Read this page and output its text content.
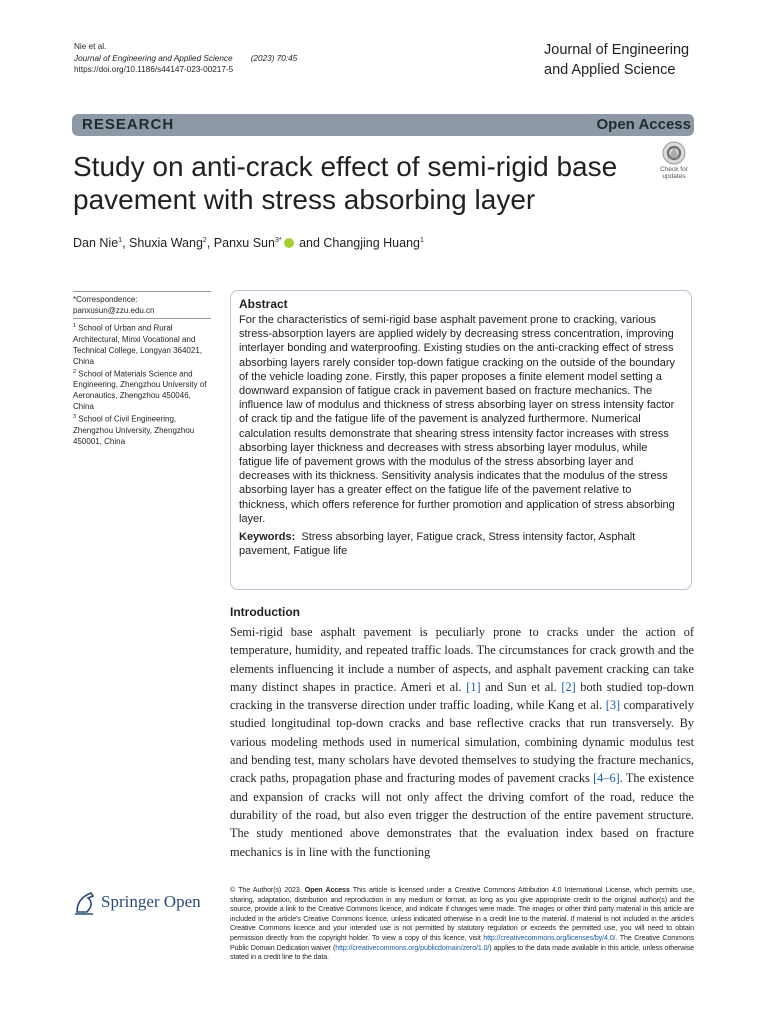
Nie et al.
Journal of Engineering and Applied Science (2023) 70:45
https://doi.org/10.1186/s44147-023-00217-5
Journal of Engineering
and Applied Science
RESEARCH	Open Access
Study on anti-crack effect of semi-rigid base pavement with stress absorbing layer
Check for
updates
Dan Nie$^1$, Shuxia Wang$^2$, Panxu Sun$^{3*}$ and Changjing Huang$^1$
*Correspondence:
panxusun@zzu.edu.cn
$^1$ School of Urban and Rural Architectural, Minxi Vocational and Technical College, Longyan 364021, China
$^2$ School of Materials Science and Engineering, Zhengzhou University of Aeronautics, Zhengzhou 450046, China
$^3$ School of Civil Engineering, Zhengzhou University, Zhengzhou 450001, China
Abstract

For the characteristics of semi-rigid base asphalt pavement prone to cracking, various stress-absorption layers are applied widely by decreasing stress concentration, improving interlayer bonding and waterproofing. Existing studies on the anti-cracking effect of stress absorbing layers rarely consider top-down fatigue cracking on the outside of the boundary of the vehicle loading zone. Firstly, this paper proposes a finite element model setting a downward expansion of fatigue crack in pavement based on fracture mechanics. The influence law of modulus and thickness of stress absorbing layer on stress intensity factor of crack tip and the fatigue life of the pavement is analyzed furthermore. Numerical calculation results demonstrate that shearing stress intensity factor increases with stress absorbing layer thickness and decreases with stress absorbing layer modulus, while fatigue life of pavement grows with the modulus of the stress absorbing layer and decreases with its thickness. Sensitivity analysis indicates that the modulus of the stress absorbing layer has a greater effect on the fatigue life of the pavement relative to thickness, which offers reference for further promotion and application of stress absorbing layer.

Keywords: Stress absorbing layer, Fatigue crack, Stress intensity factor, Asphalt pavement, Fatigue life

Introduction
Semi-rigid base asphalt pavement is peculiarly prone to cracks under the action of temperature, humidity, and repeated traffic loads. The circumstances for crack growth and the elements influencing it include a number of aspects, and asphalt pavement cracking can take many distinct shapes in practice. Ameri et al. [1] and Sun et al. [2] both studied top-down cracking in the transverse direction under traffic loading, while Kang et al. [3] comparatively studied longitudinal top-down cracks and base reflective cracks that run transversely. By various modeling methods used in numerical simulation, combining dynamic modulus test and bending test, many scholars have devoted themselves to studying the fracture mechanics, crack paths, propagation phase and fracturing modes of pavement cracks [4–6]. The existence and expansion of cracks will not only affect the driving comfort of the road, reduce the durability of the road, but also even trigger the destruction of the entire pavement structure. The study mentioned above demonstrates that the evaluation index based on fracture mechanics is in line with the functioning
Springer Open
© The Author(s) 2023. Open Access This article is licensed under a Creative Commons Attribution 4.0 International License, which permits use, sharing, adaptation, distribution and reproduction in any medium or format, as long as you give appropriate credit to the original author(s) and the source, provide a link to the Creative Commons licence, and indicate if changes were made. The images or other third party material in this article are included in the article's Creative Commons licence, unless indicated otherwise in a credit line to the material. If material is not included in the article's Creative Commons licence and your intended use is not permitted by statutory regulation or exceeds the permitted use, you will need to obtain permission directly from the copyright holder. To view a copy of this licence, visit http://creativecommons.org/licenses/by/4.0/. The Creative Commons Public Domain Dedication waiver (http://creativecommons.org/publicdomain/zero/1.0/) applies to the data made available in this article, unless otherwise stated in a credit line to the data.
